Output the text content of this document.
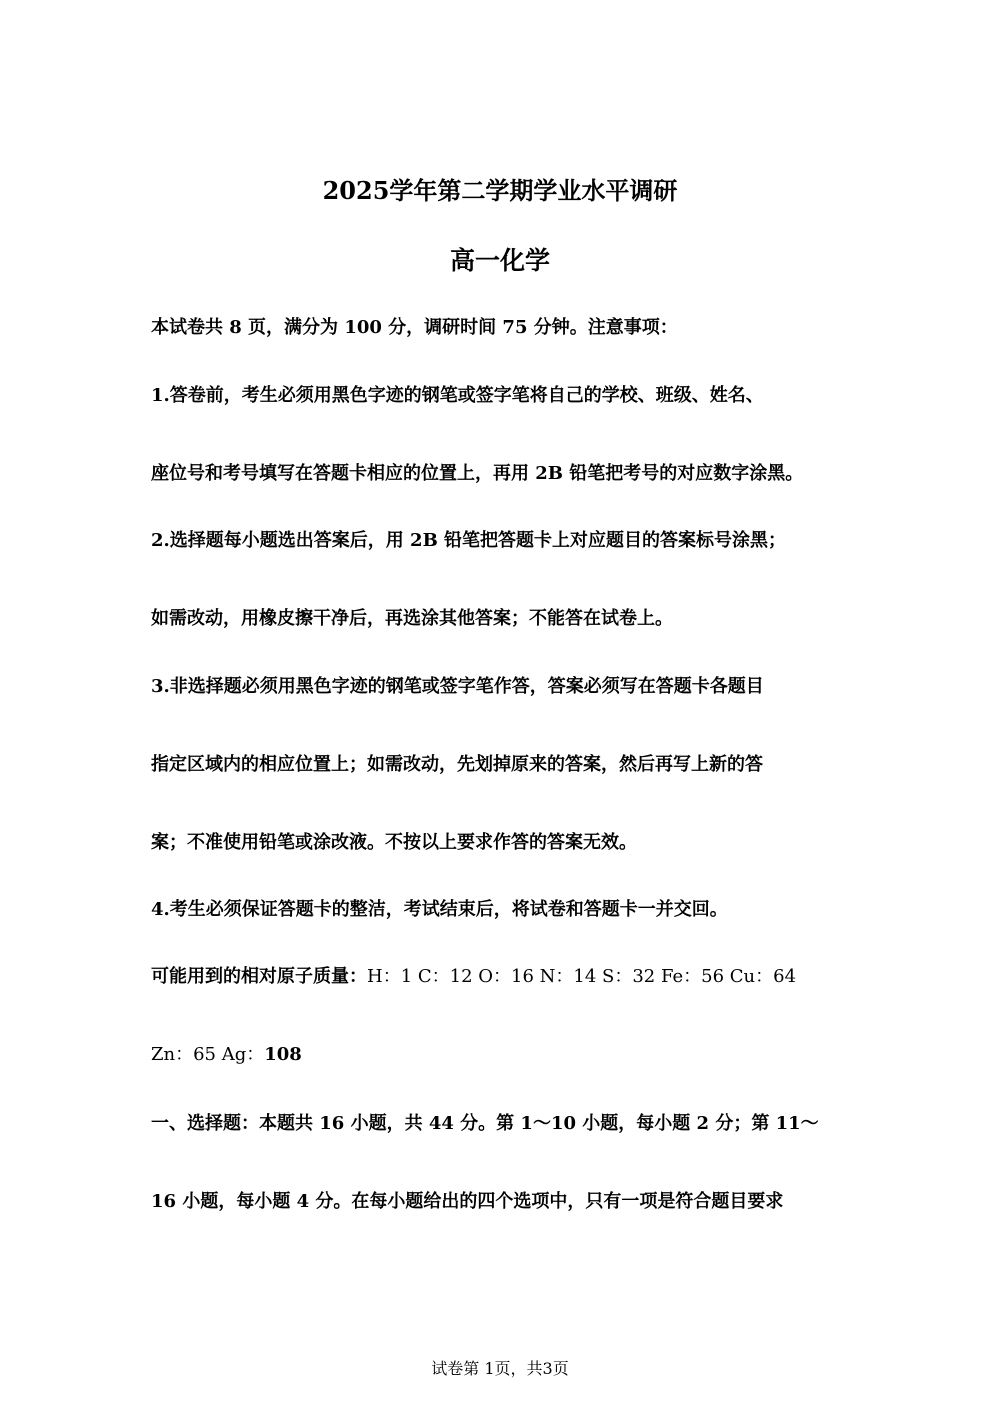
2025学年第二学期学业水平调研
高一化学
本试卷共 8 页，满分为 100 分，调研时间 75 分钟。注意事项：
1.答卷前，考生必须用黑色字迹的钢笔或签字笔将自己的学校、班级、姓名、
座位号和考号填写在答题卡相应的位置上，再用 2B 铅笔把考号的对应数字涂黑。
2.选择题每小题选出答案后，用 2B 铅笔把答题卡上对应题目的答案标号涂黑；
如需改动，用橡皮擦干净后，再选涂其他答案；不能答在试卷上。
3.非选择题必须用黑色字迹的钢笔或签字笔作答，答案必须写在答题卡各题目
指定区域内的相应位置上；如需改动，先划掉原来的答案，然后再写上新的答
案；不准使用铅笔或涂改液。不按以上要求作答的答案无效。
4.考生必须保证答题卡的整洁，考试结束后，将试卷和答题卡一并交回。
可能用到的相对原子质量：H：1 C：12 O：16 N：14 S：32 Fe：56 Cu：64
Zn：65 Ag：108
一、选择题：本题共 16 小题，共 44 分。第 1～10 小题，每小题 2 分；第 11～
16 小题，每小题 4 分。在每小题给出的四个选项中，只有一项是符合题目要求
试卷第 1页，共3页
